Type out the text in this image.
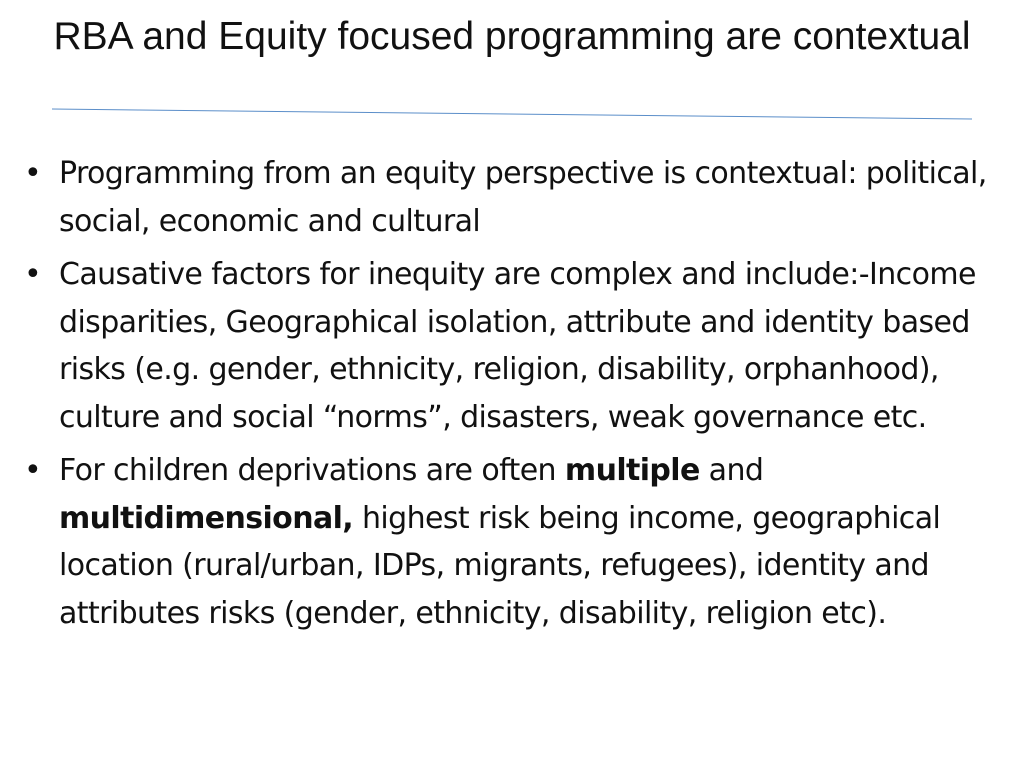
RBA and Equity focused programming are contextual
• Programming from an equity perspective is contextual: political, social, economic and cultural
• Causative factors for inequity are complex and include:-Income disparities, Geographical isolation, attribute and identity based risks (e.g. gender, ethnicity, religion, disability, orphanhood), culture and social “norms”, disasters, weak governance etc.
• For children deprivations are often multiple and multidimensional, highest risk being income, geographical location (rural/urban, IDPs, migrants, refugees), identity and attributes risks (gender, ethnicity, disability, religion etc).
